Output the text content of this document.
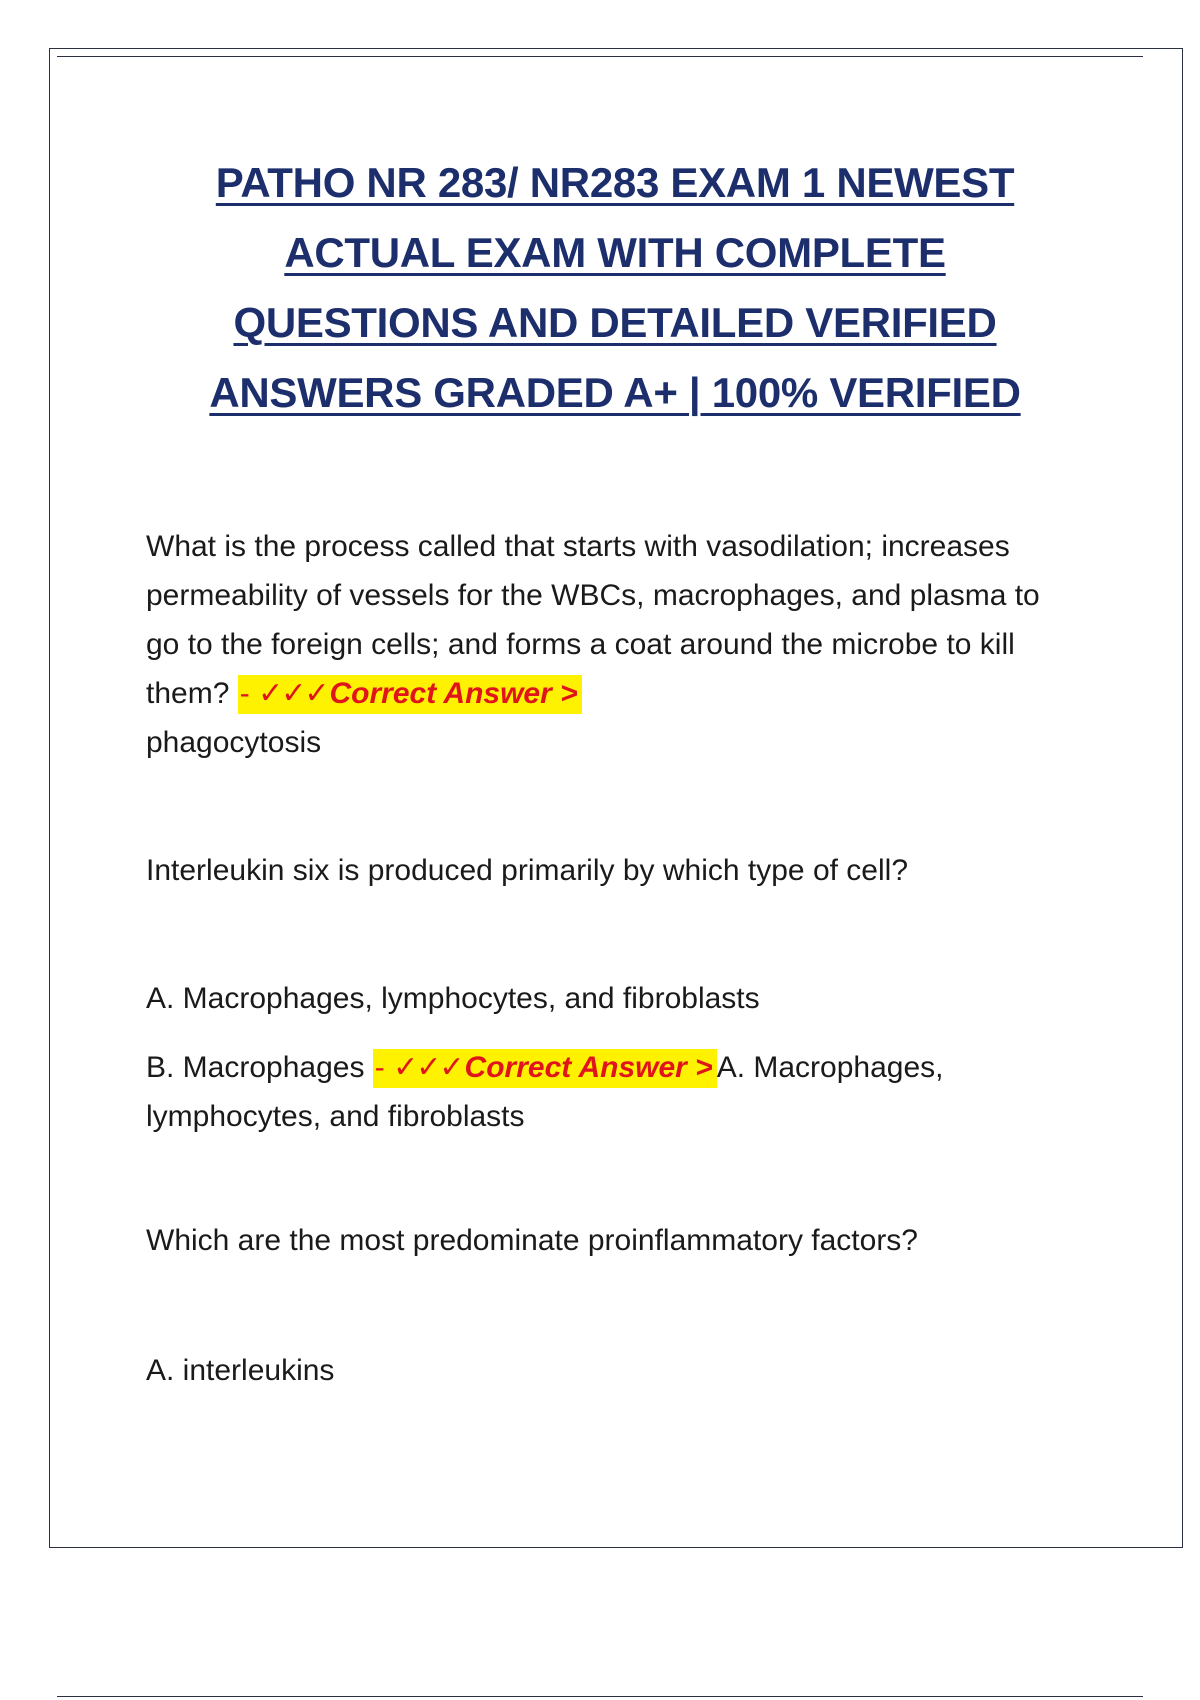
PATHO NR 283/ NR283 EXAM 1 NEWEST
ACTUAL EXAM WITH COMPLETE
QUESTIONS AND DETAILED VERIFIED
ANSWERS GRADED A+ | 100% VERIFIED
What is the process called that starts with vasodilation; increases permeability of vessels for the WBCs, macrophages, and plasma to go to the foreign cells; and forms a coat around the microbe to kill them? - ✓✓✓Correct Answer >
phagocytosis
Interleukin six is produced primarily by which type of cell?
A. Macrophages, lymphocytes, and fibroblasts
B. Macrophages - ✓✓✓Correct Answer > A. Macrophages, lymphocytes, and fibroblasts
Which are the most predominate proinflammatory factors?
A. interleukins
